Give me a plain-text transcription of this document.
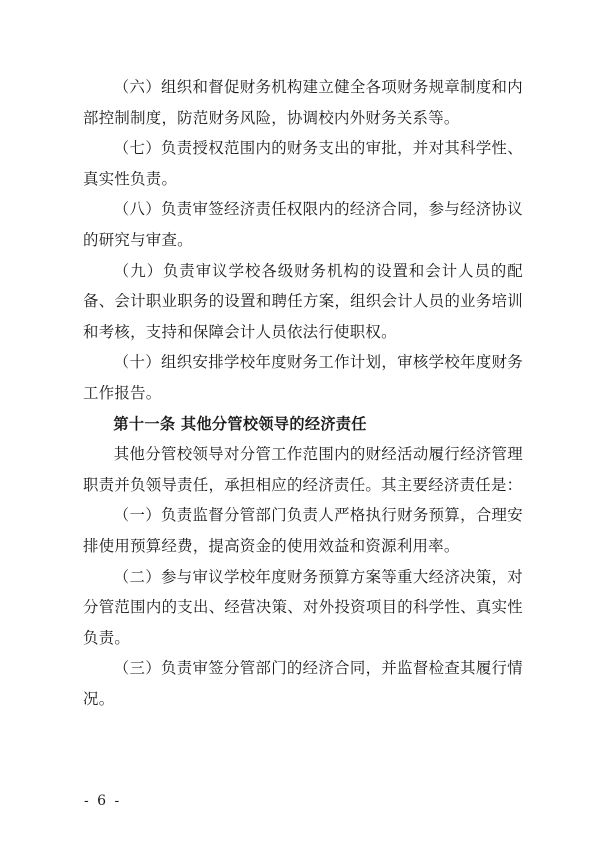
（六）组织和督促财务机构建立健全各项财务规章制度和内部控制制度，防范财务风险，协调校内外财务关系等。

（七）负责授权范围内的财务支出的审批，并对其科学性、真实性负责。

（八）负责审签经济责任权限内的经济合同，参与经济协议的研究与审查。

（九）负责审议学校各级财务机构的设置和会计人员的配备、会计职业职务的设置和聘任方案，组织会计人员的业务培训和考核，支持和保障会计人员依法行使职权。

（十）组织安排学校年度财务工作计划，审核学校年度财务工作报告。

第十一条 其他分管校领导的经济责任

其他分管校领导对分管工作范围内的财经活动履行经济管理职责并负领导责任，承担相应的经济责任。其主要经济责任是：

（一）负责监督分管部门负责人严格执行财务预算，合理安排使用预算经费，提高资金的使用效益和资源利用率。

（二）参与审议学校年度财务预算方案等重大经济决策，对分管范围内的支出、经营决策、对外投资项目的科学性、真实性负责。

（三）负责审签分管部门的经济合同，并监督检查其履行情况。

- 6 -
